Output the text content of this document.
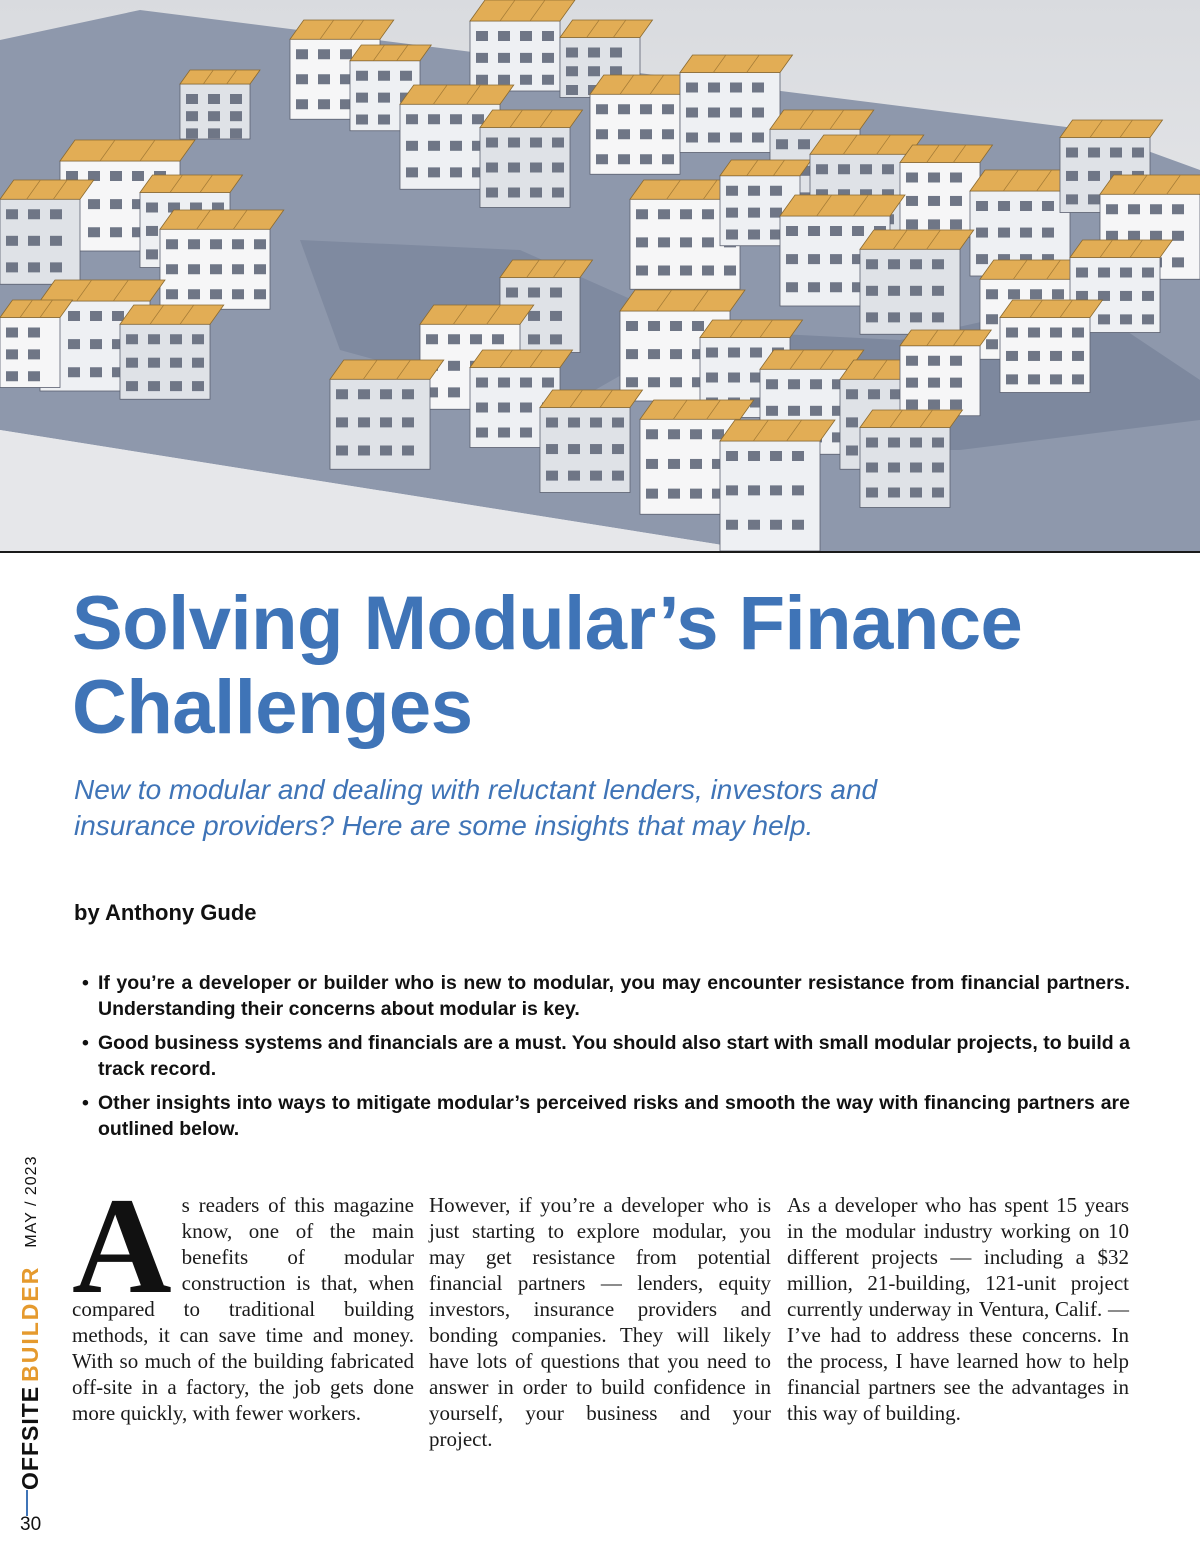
Solving Modular’s Finance
Challenges

New to modular and dealing with reluctant lenders, investors and
insurance providers? Here are some insights that may help.

by Anthony Gude

• If you’re a developer or builder who is new to modular, you may encounter resistance from financial partners. Understanding their concerns about modular is key.
• Good business systems and financials are a must. You should also start with small modular projects, to build a track record.
• Other insights into ways to mitigate modular’s perceived risks and smooth the way with financing partners are outlined below.
A s readers of this magazine know, one of the main benefits of modular construction is that, when compared to traditional building methods, it can save time and money. With so much of the building fabricated off-site in a factory, the job gets done more quickly, with fewer workers.
However, if you’re a developer who is just starting to explore modular, you may get resistance from potential financial partners — lenders, equity investors, insurance providers and bonding companies. They will likely have lots of questions that you need to answer in order to build confidence in yourself, your business and your project.
As a developer who has spent 15 years in the modular industry working on 10 different projects — including a $32 million, 21-building, 121-unit project currently underway in Ventura, Calif. — I’ve had to address these concerns. In the process, I have learned how to help financial partners see the advantages in this way of building.
OFFSITE
BUILDER
MAY / 2023
30
